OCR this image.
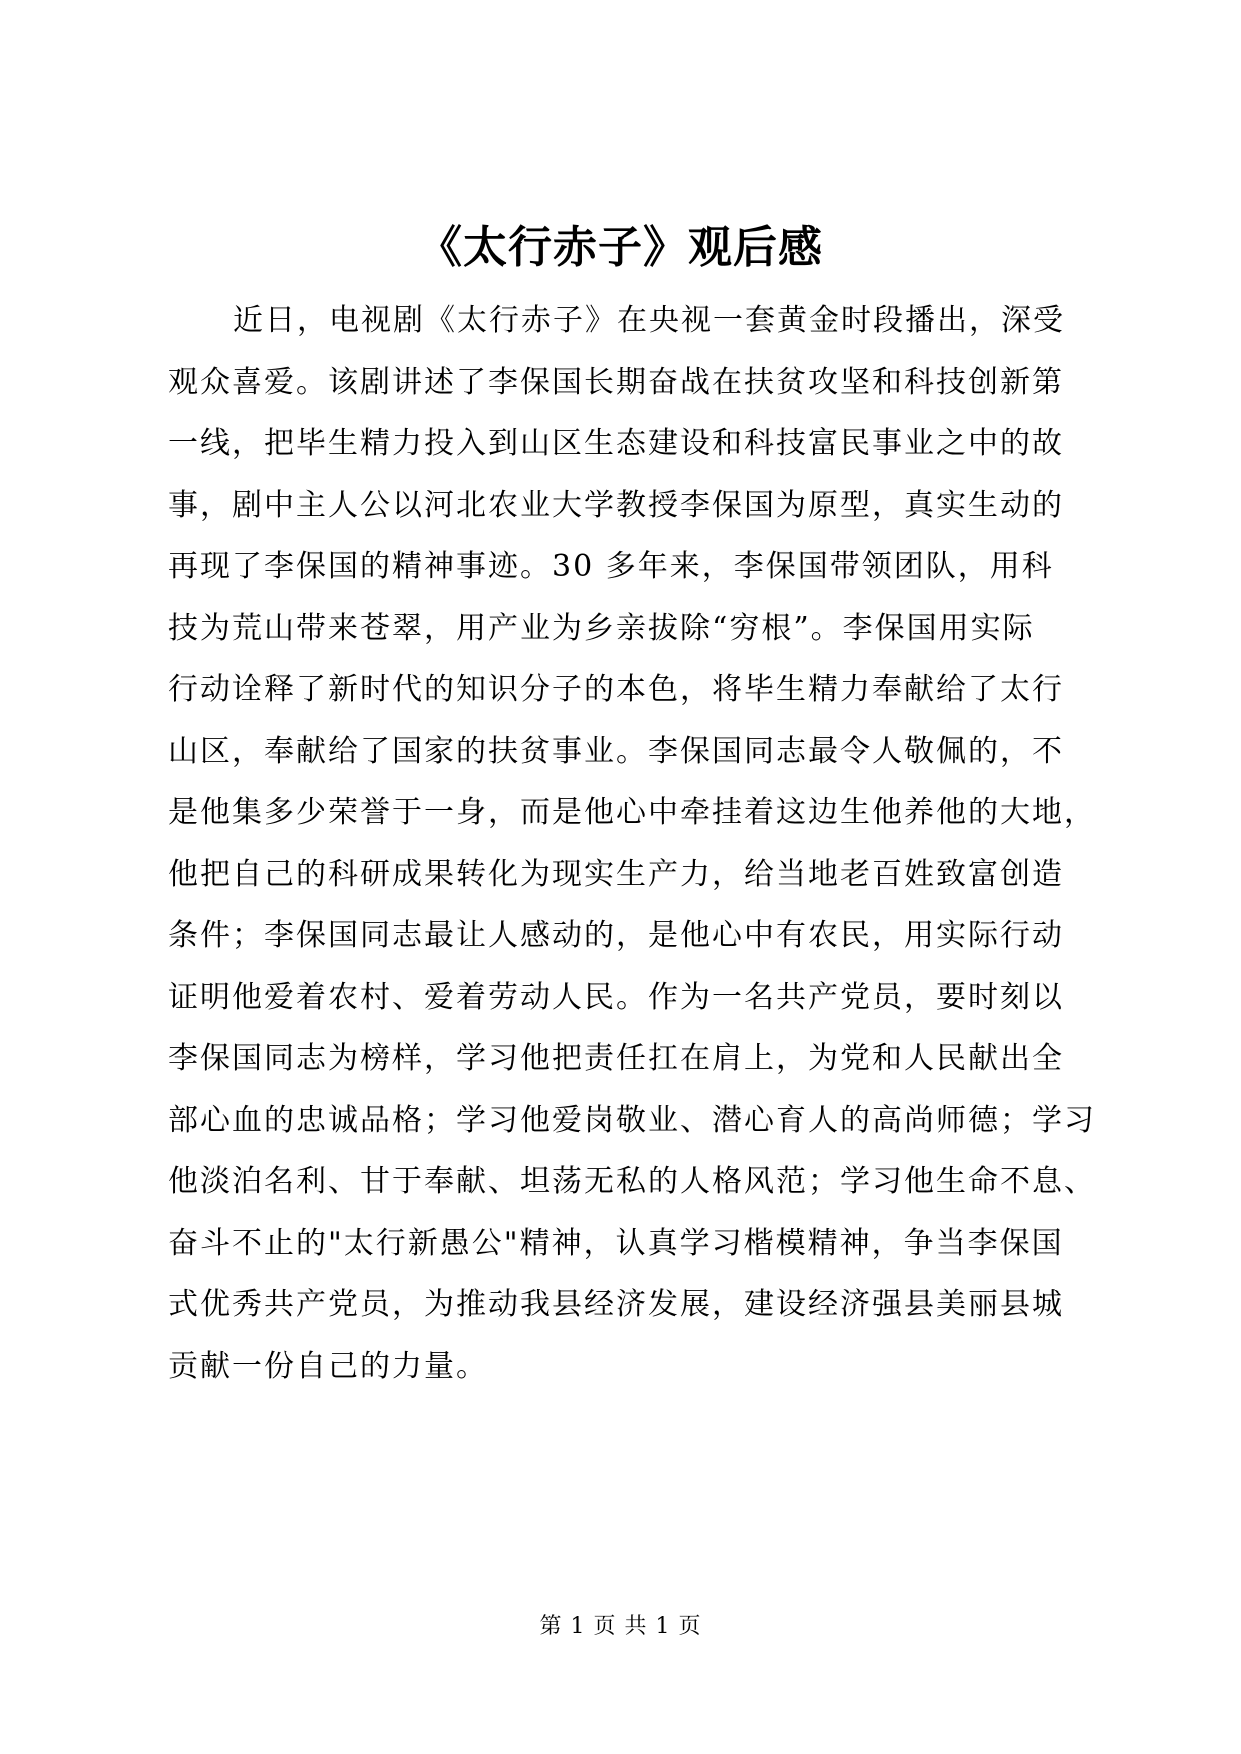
《太行赤子》观后感
近日，电视剧《太行赤子》在央视一套黄金时段播出，深受
观众喜爱。该剧讲述了李保国长期奋战在扶贫攻坚和科技创新第
一线，把毕生精力投入到山区生态建设和科技富民事业之中的故
事，剧中主人公以河北农业大学教授李保国为原型，真实生动的
再现了李保国的精神事迹。30 多年来，李保国带领团队，用科
技为荒山带来苍翠，用产业为乡亲拔除“穷根”。李保国用实际
行动诠释了新时代的知识分子的本色，将毕生精力奉献给了太行
山区，奉献给了国家的扶贫事业。李保国同志最令人敬佩的，不
是他集多少荣誉于一身，而是他心中牵挂着这边生他养他的大地，
他把自己的科研成果转化为现实生产力，给当地老百姓致富创造
条件；李保国同志最让人感动的，是他心中有农民，用实际行动
证明他爱着农村、爱着劳动人民。作为一名共产党员，要时刻以
李保国同志为榜样，学习他把责任扛在肩上，为党和人民献出全
部心血的忠诚品格；学习他爱岗敬业、潜心育人的高尚师德；学习
他淡泊名利、甘于奉献、坦荡无私的人格风范；学习他生命不息、
奋斗不止的"太行新愚公"精神，认真学习楷模精神，争当李保国
式优秀共产党员，为推动我县经济发展，建设经济强县美丽县城
贡献一份自己的力量。
第 1 页 共 1 页
